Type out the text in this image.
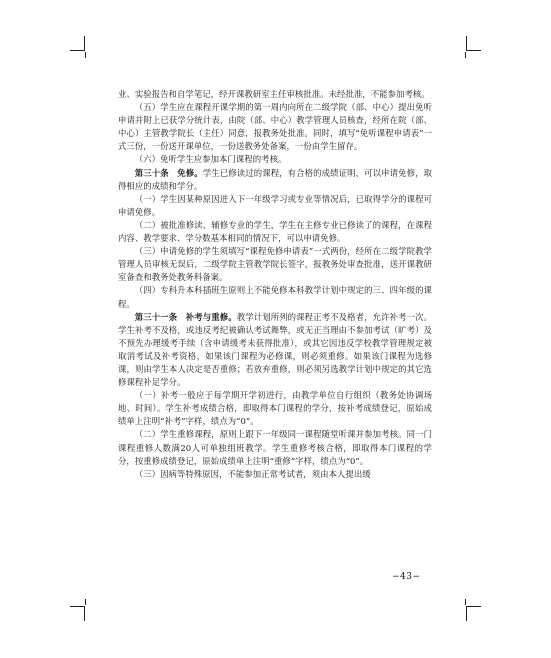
业、实验报告和自学笔记，经开课教研室主任审核批准。未经批准，不能参加考核。

（五）学生应在课程开课学期的第一周内向所在二级学院（部、中心）提出免听申请并附上已获学分统计表，由院（部、中心）教学管理人员核查，经所在院（部、中心）主管教学院长（主任）同意，报教务处批准。同时，填写“免听课程申请表”一式三份，一份送开课单位，一份送教务处备案，一份由学生留存。

（六）免听学生应参加本门课程的考核。

第三十条　免修。学生已修读过的课程，有合格的成绩证明，可以申请免修，取得相应的成绩和学分。

（一）学生因某种原因进入下一年级学习或专业等情况后，已取得学分的课程可申请免修。

（二）被批准修读、辅修专业的学生，学生在主修专业已修读了的课程，在课程内容、教学要求、学分数基本相同的情况下，可以申请免修。

（三）申请免修的学生须填写“课程免修申请表”一式两份，经所在二级学院教学管理人员审核无误后，二级学院主管教学院长签字，报教务处审查批准，送开课教研室备查和教务处教务科备案。

（四）专科升本科插班生原则上不能免修本科教学计划中规定的三、四年级的课程。

第三十一条　补考与重修。教学计划所列的课程正考不及格者，允许补考一次。学生补考不及格，或违反考纪被确认考试舞弊，或无正当理由不参加考试（旷考）及不预先办理缓考手续（含申请缓考未获得批准），或其它因违反学校教学管理规定被取消考试及补考资格，如果该门课程为必修课，则必须重修。如果该门课程为选修课，则由学生本人决定是否重修；若放弃重修，则必须另选教学计划中规定的其它选修课程补足学分。

（一）补考一般应于每学期开学初进行，由教学单位自行组织（教务处协调场地、时间）。学生补考成绩合格，即取得本门课程的学分，按补考成绩登记，原始成绩单上注明“补考”字样，绩点为“0”。

（二）学生重修课程，原则上跟下一年级同一课程随堂听课并参加考核。同一门课程重修人数满20人可单独组班教学。学生重修考核合格，即取得本门课程的学分，按重修成绩登记，原始成绩单上注明“重修”字样，绩点为“0”。

（三）因病等特殊原因，不能参加正常考试者，须由本人提出缓

−43−
